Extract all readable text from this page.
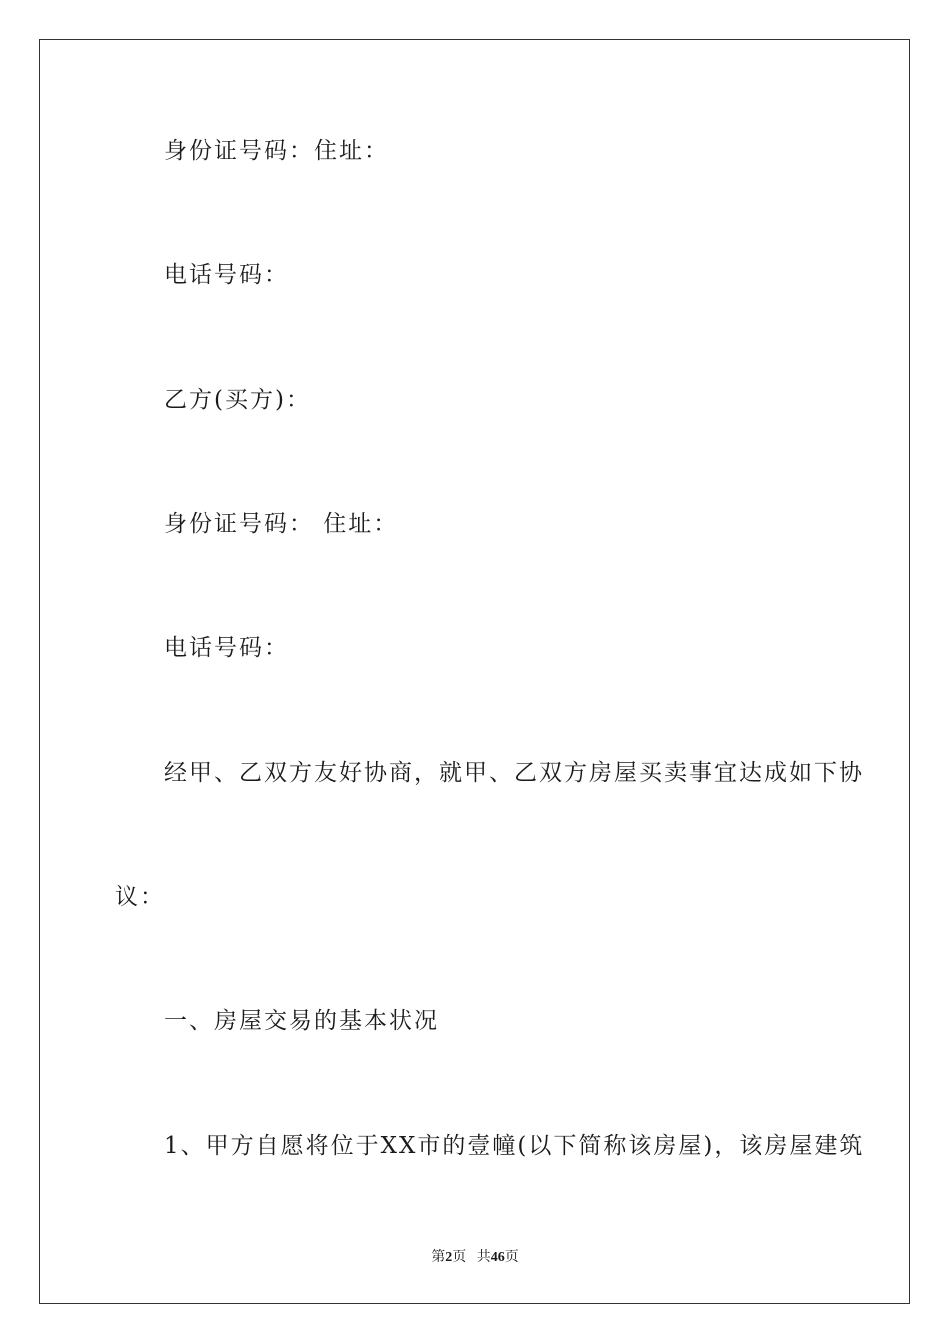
身份证号码：住址：
电话号码：
乙方(买方)：
身份证号码： 住址：
电话号码：
经甲、乙双方友好协商，就甲、乙双方房屋买卖事宜达成如下协
议：
一、房屋交易的基本状况
1、甲方自愿将位于XX市的壹幢(以下简称该房屋)，该房屋建筑
第2页 共46页
